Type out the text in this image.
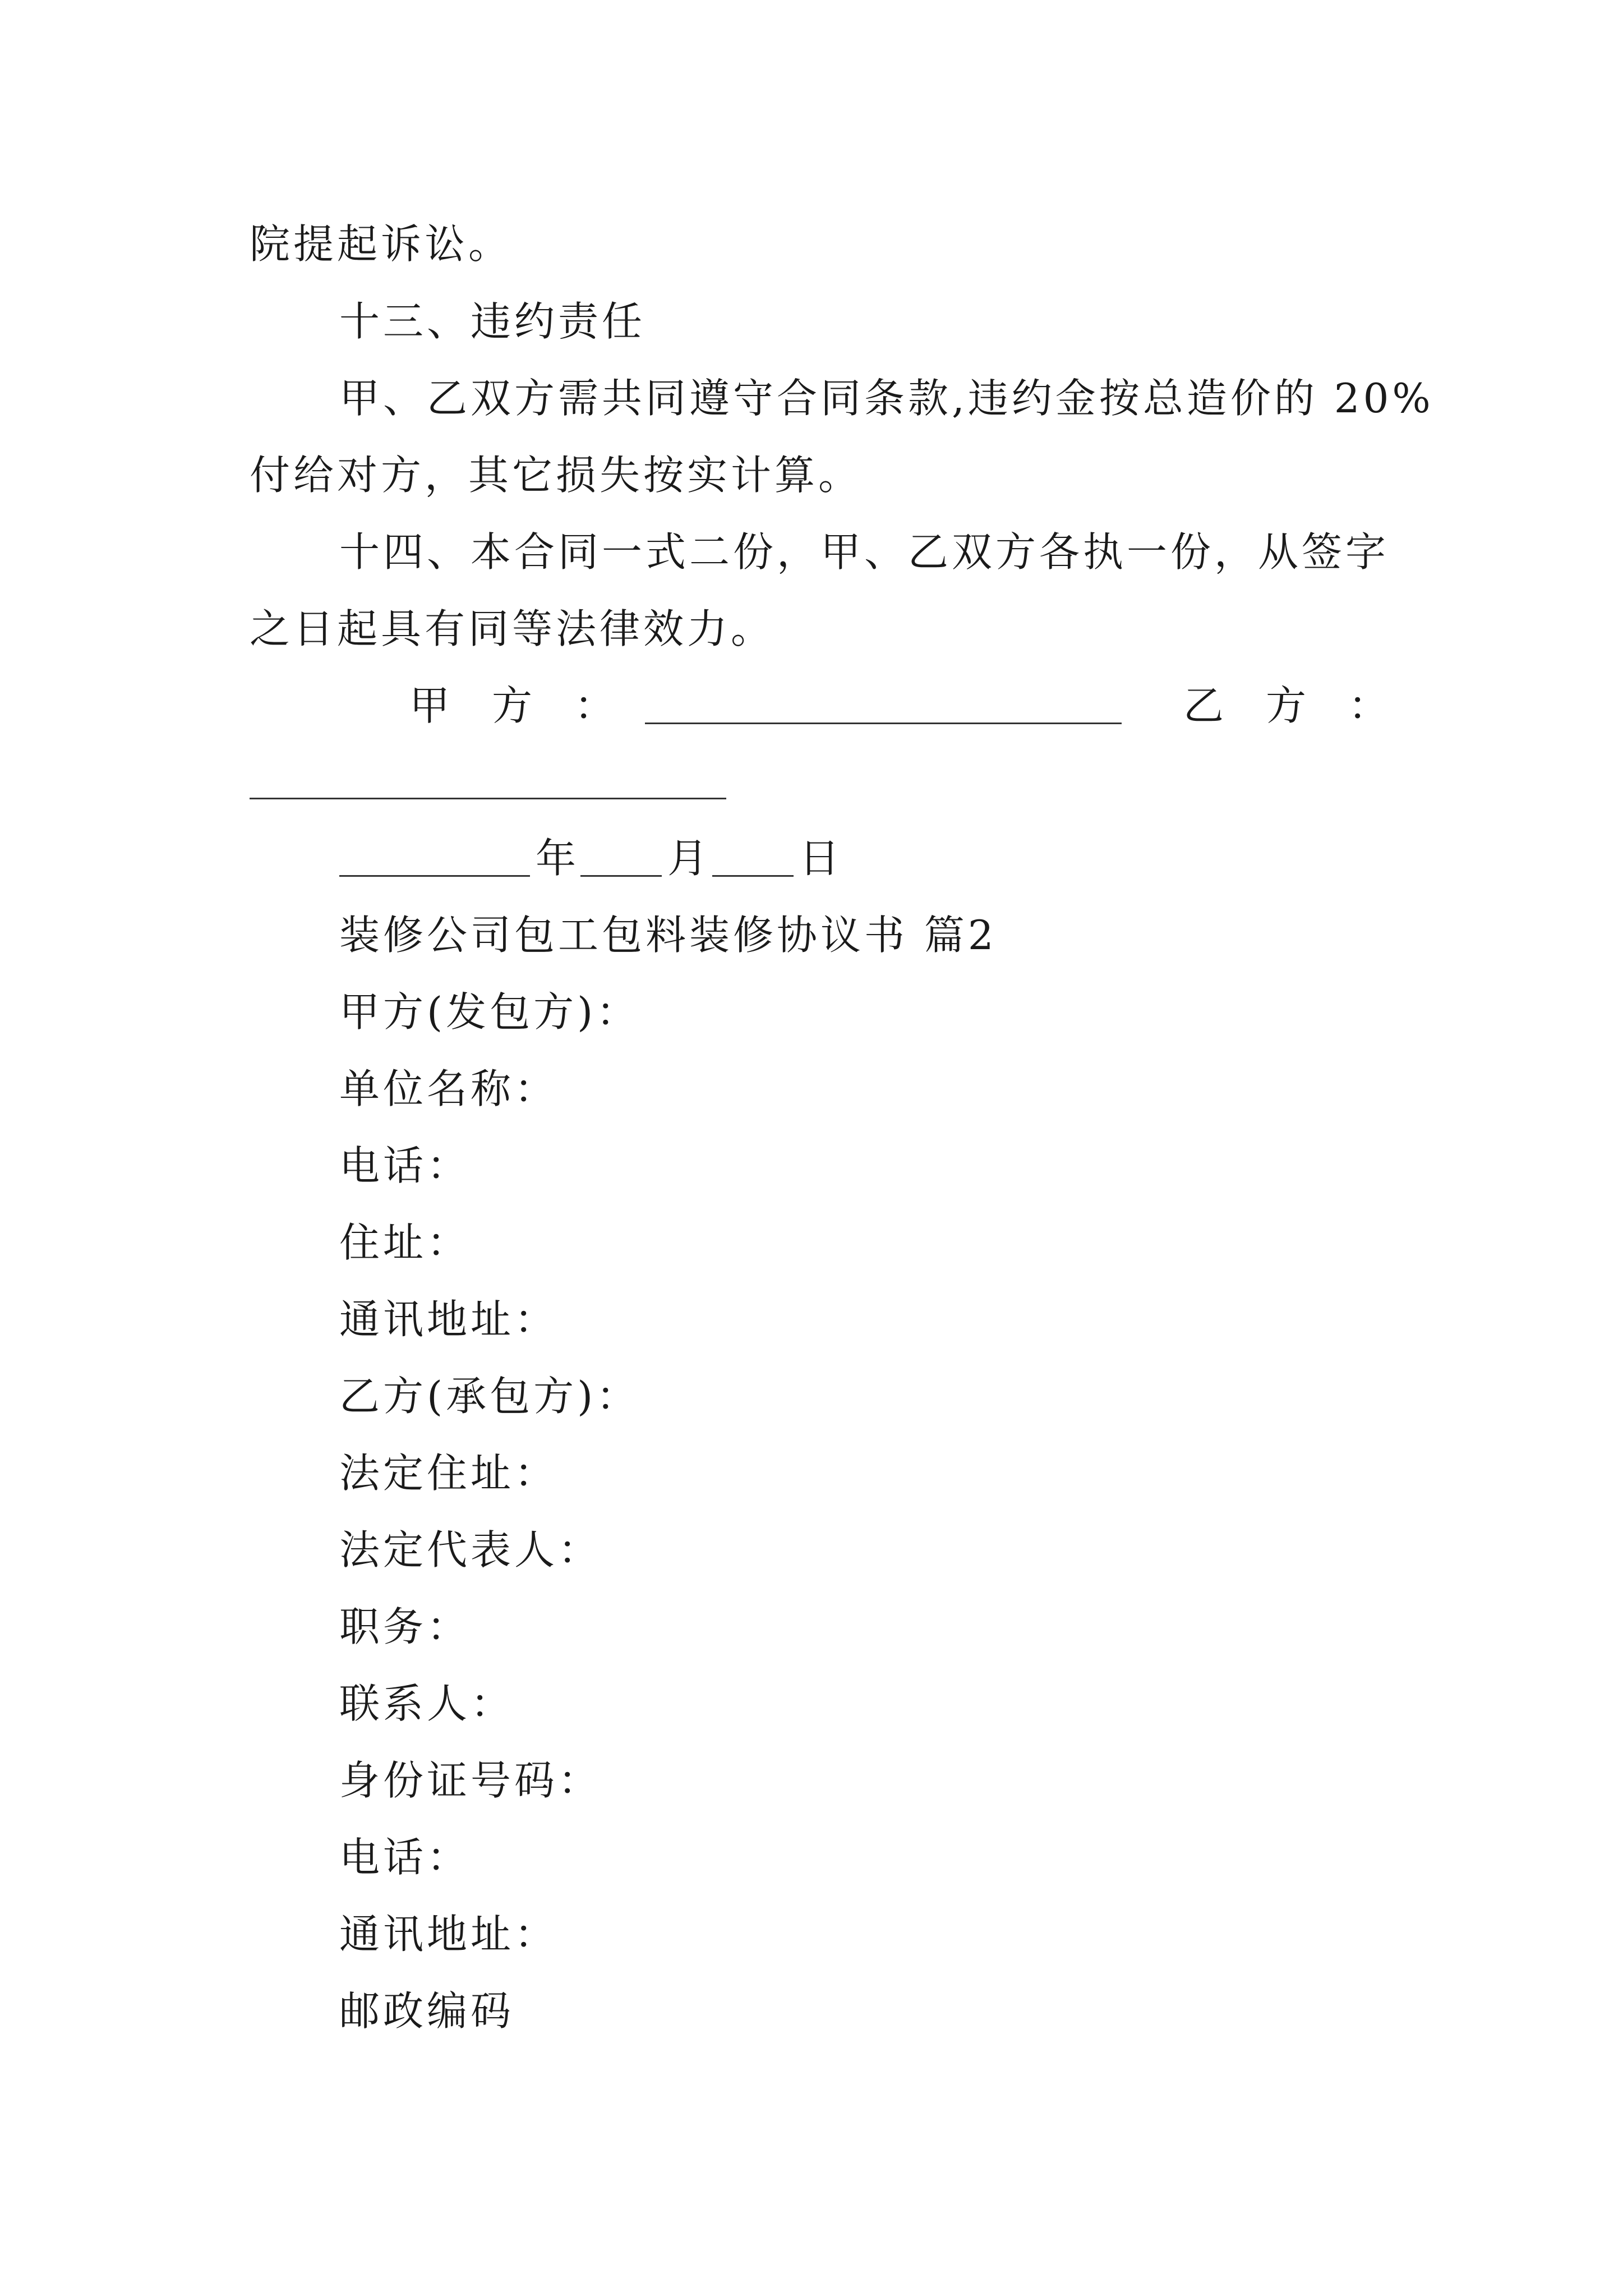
院提起诉讼。

十三、违约责任

甲、乙双方需共同遵守合同条款,违约金按总造价的 20%

付给对方，其它损失按实计算。

十四、本合同一式二份，甲、乙双方各执一份，从签字

之日起具有同等法律效力。

甲方：	乙方：
年 月 日

装修公司包工包料装修协议书 篇2

甲方(发包方)：

单位名称：

电话：

住址：

通讯地址：

乙方(承包方)：

法定住址：

法定代表人：

职务：

联系人：

身份证号码：

电话：

通讯地址：

邮政编码
